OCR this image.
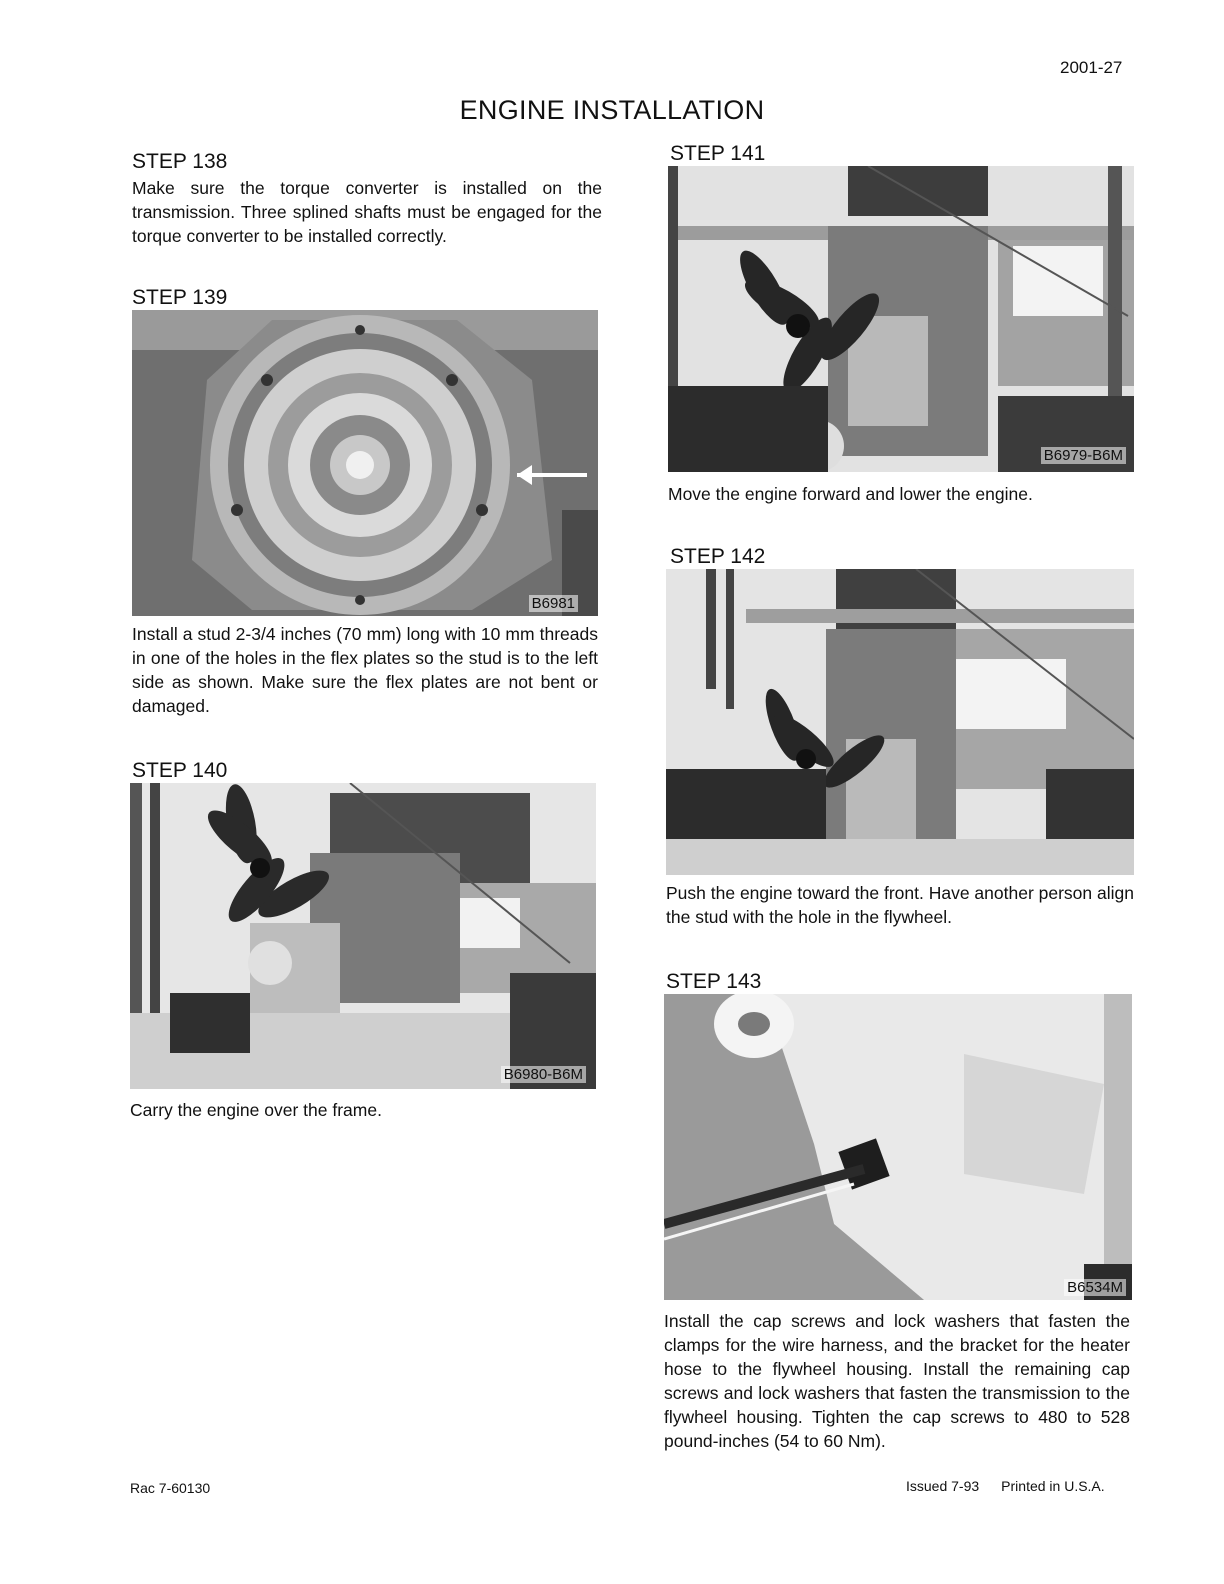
2001-27
ENGINE INSTALLATION
STEP 138

Make sure the torque converter is installed on the transmission. Three splined shafts must be engaged for the torque converter to be installed correctly.

STEP 139
B6981

Install a stud 2-3/4 inches (70 mm) long with 10 mm threads in one of the holes in the flex plates so the stud is to the left side as shown. Make sure the flex plates are not bent or damaged.

STEP 140
B6980-B6M

Carry the engine over the frame.

STEP 141
B6979-B6M

Move the engine forward and lower the engine.

STEP 142

Push the engine toward the front. Have another person align the stud with the hole in the flywheel.

STEP 143
B6534M

Install the cap screws and lock washers that fasten the clamps for the wire harness, and the bracket for the heater hose to the flywheel housing. Install the remaining cap screws and lock washers that fasten the transmission to the flywheel housing. Tighten the cap screws to 480 to 528 pound-inches (54 to 60 Nm).

Rac 7-60130	Issued 7-93 Printed in U.S.A.
